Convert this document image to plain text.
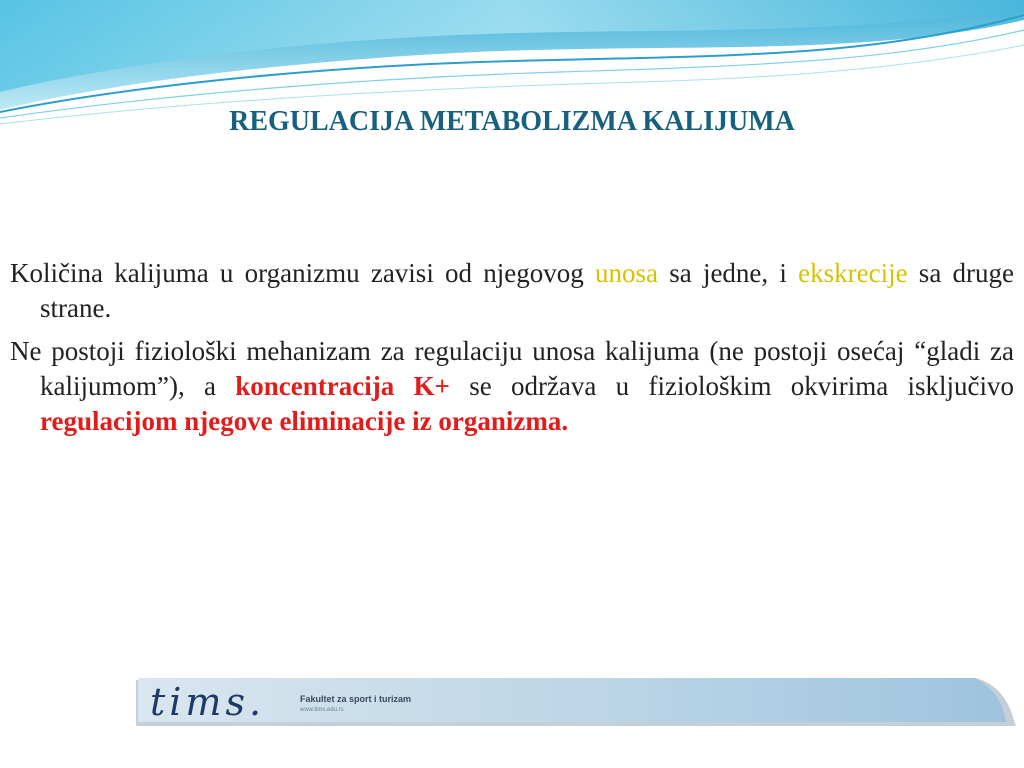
REGULACIJA METABOLIZMA KALIJUMA

Količina kalijuma u organizmu zavisi od njegovog unosa sa jedne, i ekskrecije sa druge strane.

Ne postoji fiziološki mehanizam za regulaciju unosa kalijuma (ne postoji osećaj “gladi za kalijumom”), a koncentracija K+ se održava u fiziološkim okvirima isključivo regulacijom njegove eliminacije iz organizma.

tims.	Fakultet za sport i turizam
www.tims.edu.rs
